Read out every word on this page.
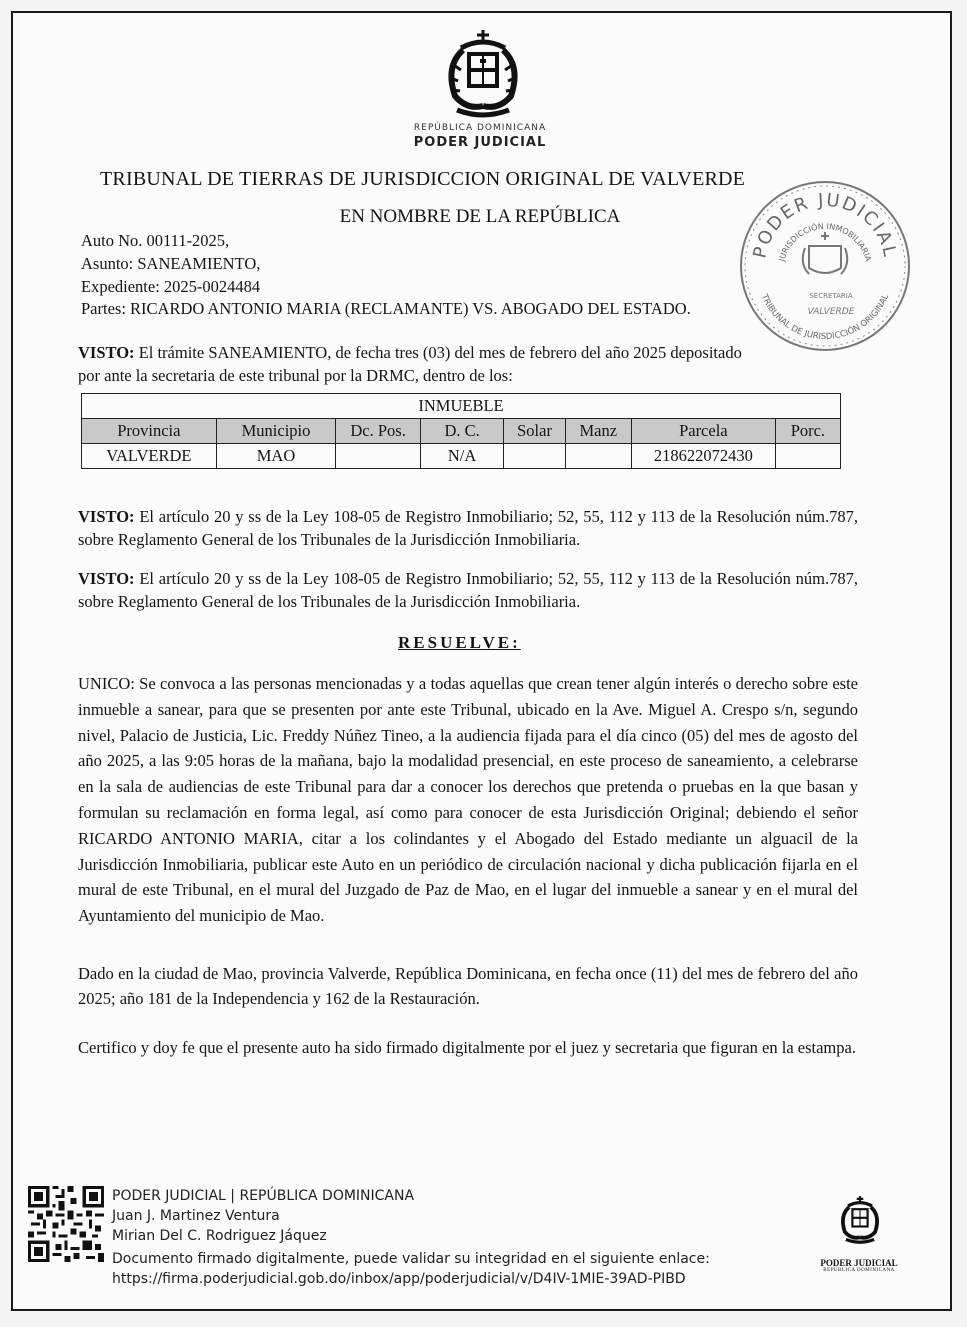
REPÚBLICA DOMINICANA
PODER JUDICIAL
TRIBUNAL DE TIERRAS DE JURISDICCION ORIGINAL DE VALVERDE
EN NOMBRE DE LA REPÚBLICA
PODER JUDICIAL
JURISDICCIÓN INMOBILIARIA
TRIBUNAL DE JURISDICCIÓN ORIGINAL
SECRETARIA
VALVERDE
Auto No. 00111-2025,
Asunto: SANEAMIENTO,
Expediente: 2025-0024484
Partes: RICARDO ANTONIO MARIA (RECLAMANTE) VS. ABOGADO DEL ESTADO.
VISTO: El trámite SANEAMIENTO, de fecha tres (03) del mes de febrero del año 2025 depositado
por ante la secretaria de este tribunal por la DRMC, dentro de los:
INMUEBLE							
Provincia	Municipio	Dc. Pos.	D. C.	Solar	Manz	Parcela	Porc.
VALVERDE	MAO		N/A			218622072430	
VISTO: El artículo 20 y ss de la Ley 108-05 de Registro Inmobiliario; 52, 55, 112 y 113 de la Resolución núm.787, sobre Reglamento General de los Tribunales de la Jurisdicción Inmobiliaria.
VISTO: El artículo 20 y ss de la Ley 108-05 de Registro Inmobiliario; 52, 55, 112 y 113 de la Resolución núm.787, sobre Reglamento General de los Tribunales de la Jurisdicción Inmobiliaria.
RESUELVE:
UNICO: Se convoca a las personas mencionadas y a todas aquellas que crean tener algún interés o derecho sobre este inmueble a sanear, para que se presenten por ante este Tribunal, ubicado en la Ave. Miguel A. Crespo s/n, segundo nivel, Palacio de Justicia, Lic. Freddy Núñez Tineo, a la audiencia fijada para el día cinco (05) del mes de agosto del año 2025, a las 9:05 horas de la mañana, bajo la modalidad presencial, en este proceso de saneamiento, a celebrarse en la sala de audiencias de este Tribunal para dar a conocer los derechos que pretenda o pruebas en la que basan y formulan su reclamación en forma legal, así como para conocer de esta Jurisdicción Original; debiendo el señor RICARDO ANTONIO MARIA, citar a los colindantes y el Abogado del Estado mediante un alguacil de la Jurisdicción Inmobiliaria, publicar este Auto en un periódico de circulación nacional y dicha publicación fijarla en el mural de este Tribunal, en el mural del Juzgado de Paz de Mao, en el lugar del inmueble a sanear y en el mural del Ayuntamiento del municipio de Mao.
Dado en la ciudad de Mao, provincia Valverde, República Dominicana, en fecha once (11) del mes de febrero del año 2025; año 181 de la Independencia y 162 de la Restauración.
Certifico y doy fe que el presente auto ha sido firmado digitalmente por el juez y secretaria que figuran en la estampa.
PODER JUDICIAL | REPÚBLICA DOMINICANA
Juan J. Martinez Ventura
Mirian Del C. Rodriguez Jáquez
Documento firmado digitalmente, puede validar su integridad en el siguiente enlace:
https://firma.poderjudicial.gob.do/inbox/app/poderjudicial/v/D4IV-1MIE-39AD-PIBD
PODER JUDICIAL
REPÚBLICA DOMINICANA
